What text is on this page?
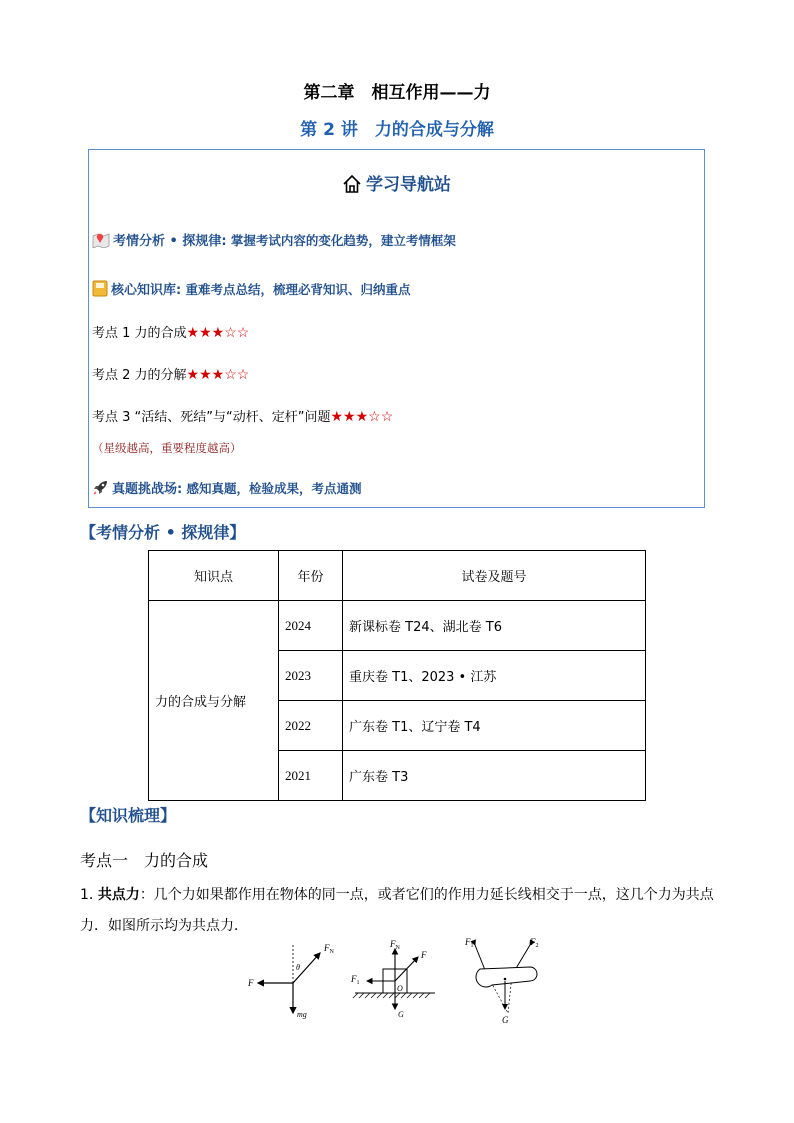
第二章　相互作用——力
第 2 讲　力的合成与分解
学习导航站
考情分析 • 探规律: 掌握考试内容的变化趋势，建立考情框架
核心知识库: 重难考点总结，梳理必背知识、归纳重点
考点 1 力的合成★★★☆☆
考点 2 力的分解★★★☆☆
考点 3 “活结、死结”与“动杆、定杆”问题★★★☆☆
（星级越高，重要程度越高）
真题挑战场: 感知真题，检验成果，考点通测
【考情分析 • 探规律】
知识点	年份	试卷及题号
力的合成与分解	2024	新课标卷 T24、湖北卷 T6
	2023	重庆卷 T1、2023 • 江苏
	2022	广东卷 T1、辽宁卷 T4
	2021	广东卷 T3
【知识梳理】
考点一　力的合成
1. 共点力：几个力如果都作用在物体的同一点，或者它们的作用力延长线相交于一点，这几个力为共点力．如图所示均为共点力．
$F_N$
θ
F
mg
$F_N$
F
$F_1$
O
G
$F_1$	$F_2$
G
